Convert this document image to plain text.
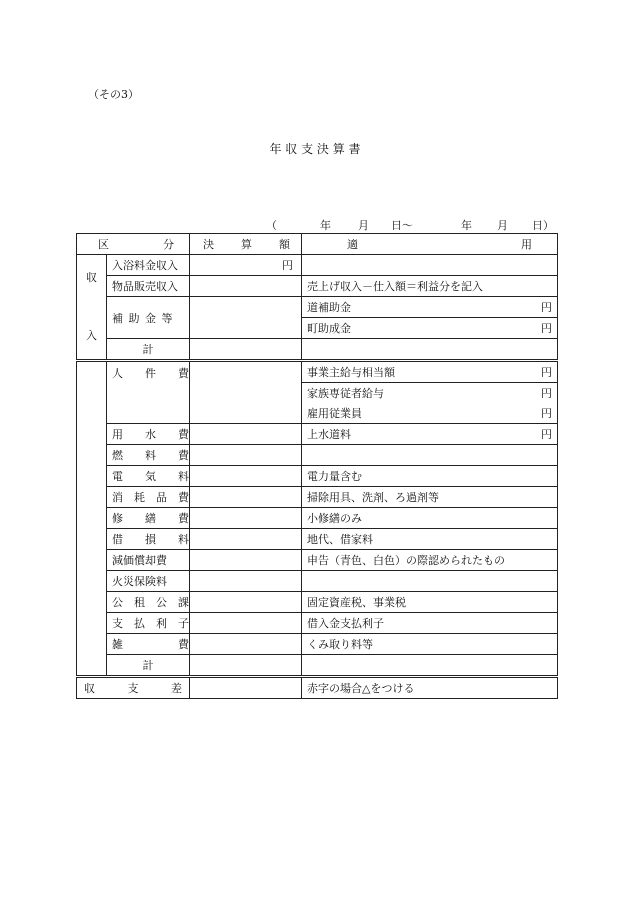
（その3）
年 収 支 決 算 書
（	年 月 日～	年 月 日）
区 分		決 算 額	適 用

収
入	入浴料金収入	円	
	物品販売収入		売上げ収入－仕入額＝利益分を記入
	補 助 金 等		道補助金 円

			町助成金 円

	計		
	人　　件　　費		事業主給与相当額 円

			家族専従者給与 円

			雇用従業員 円

	用　　水　　費		上水道料 円

	燃　　料　　費		
	電　　気　　料		電力量含む
	消　耗　品　費		掃除用具、洗剤、ろ過剤等
	修　　繕　　費		小修繕のみ
	借　　損　　料		地代、借家料
	減価償却費		申告（青色、白色）の際認められたもの
	火災保険料		
	公　租　公　課		固定資産税、事業税
	支　払　利　子		借入金支払利子
	雑　　　　　費		くみ取り料等
	計		

収 支 差			赤字の場合△をつける
